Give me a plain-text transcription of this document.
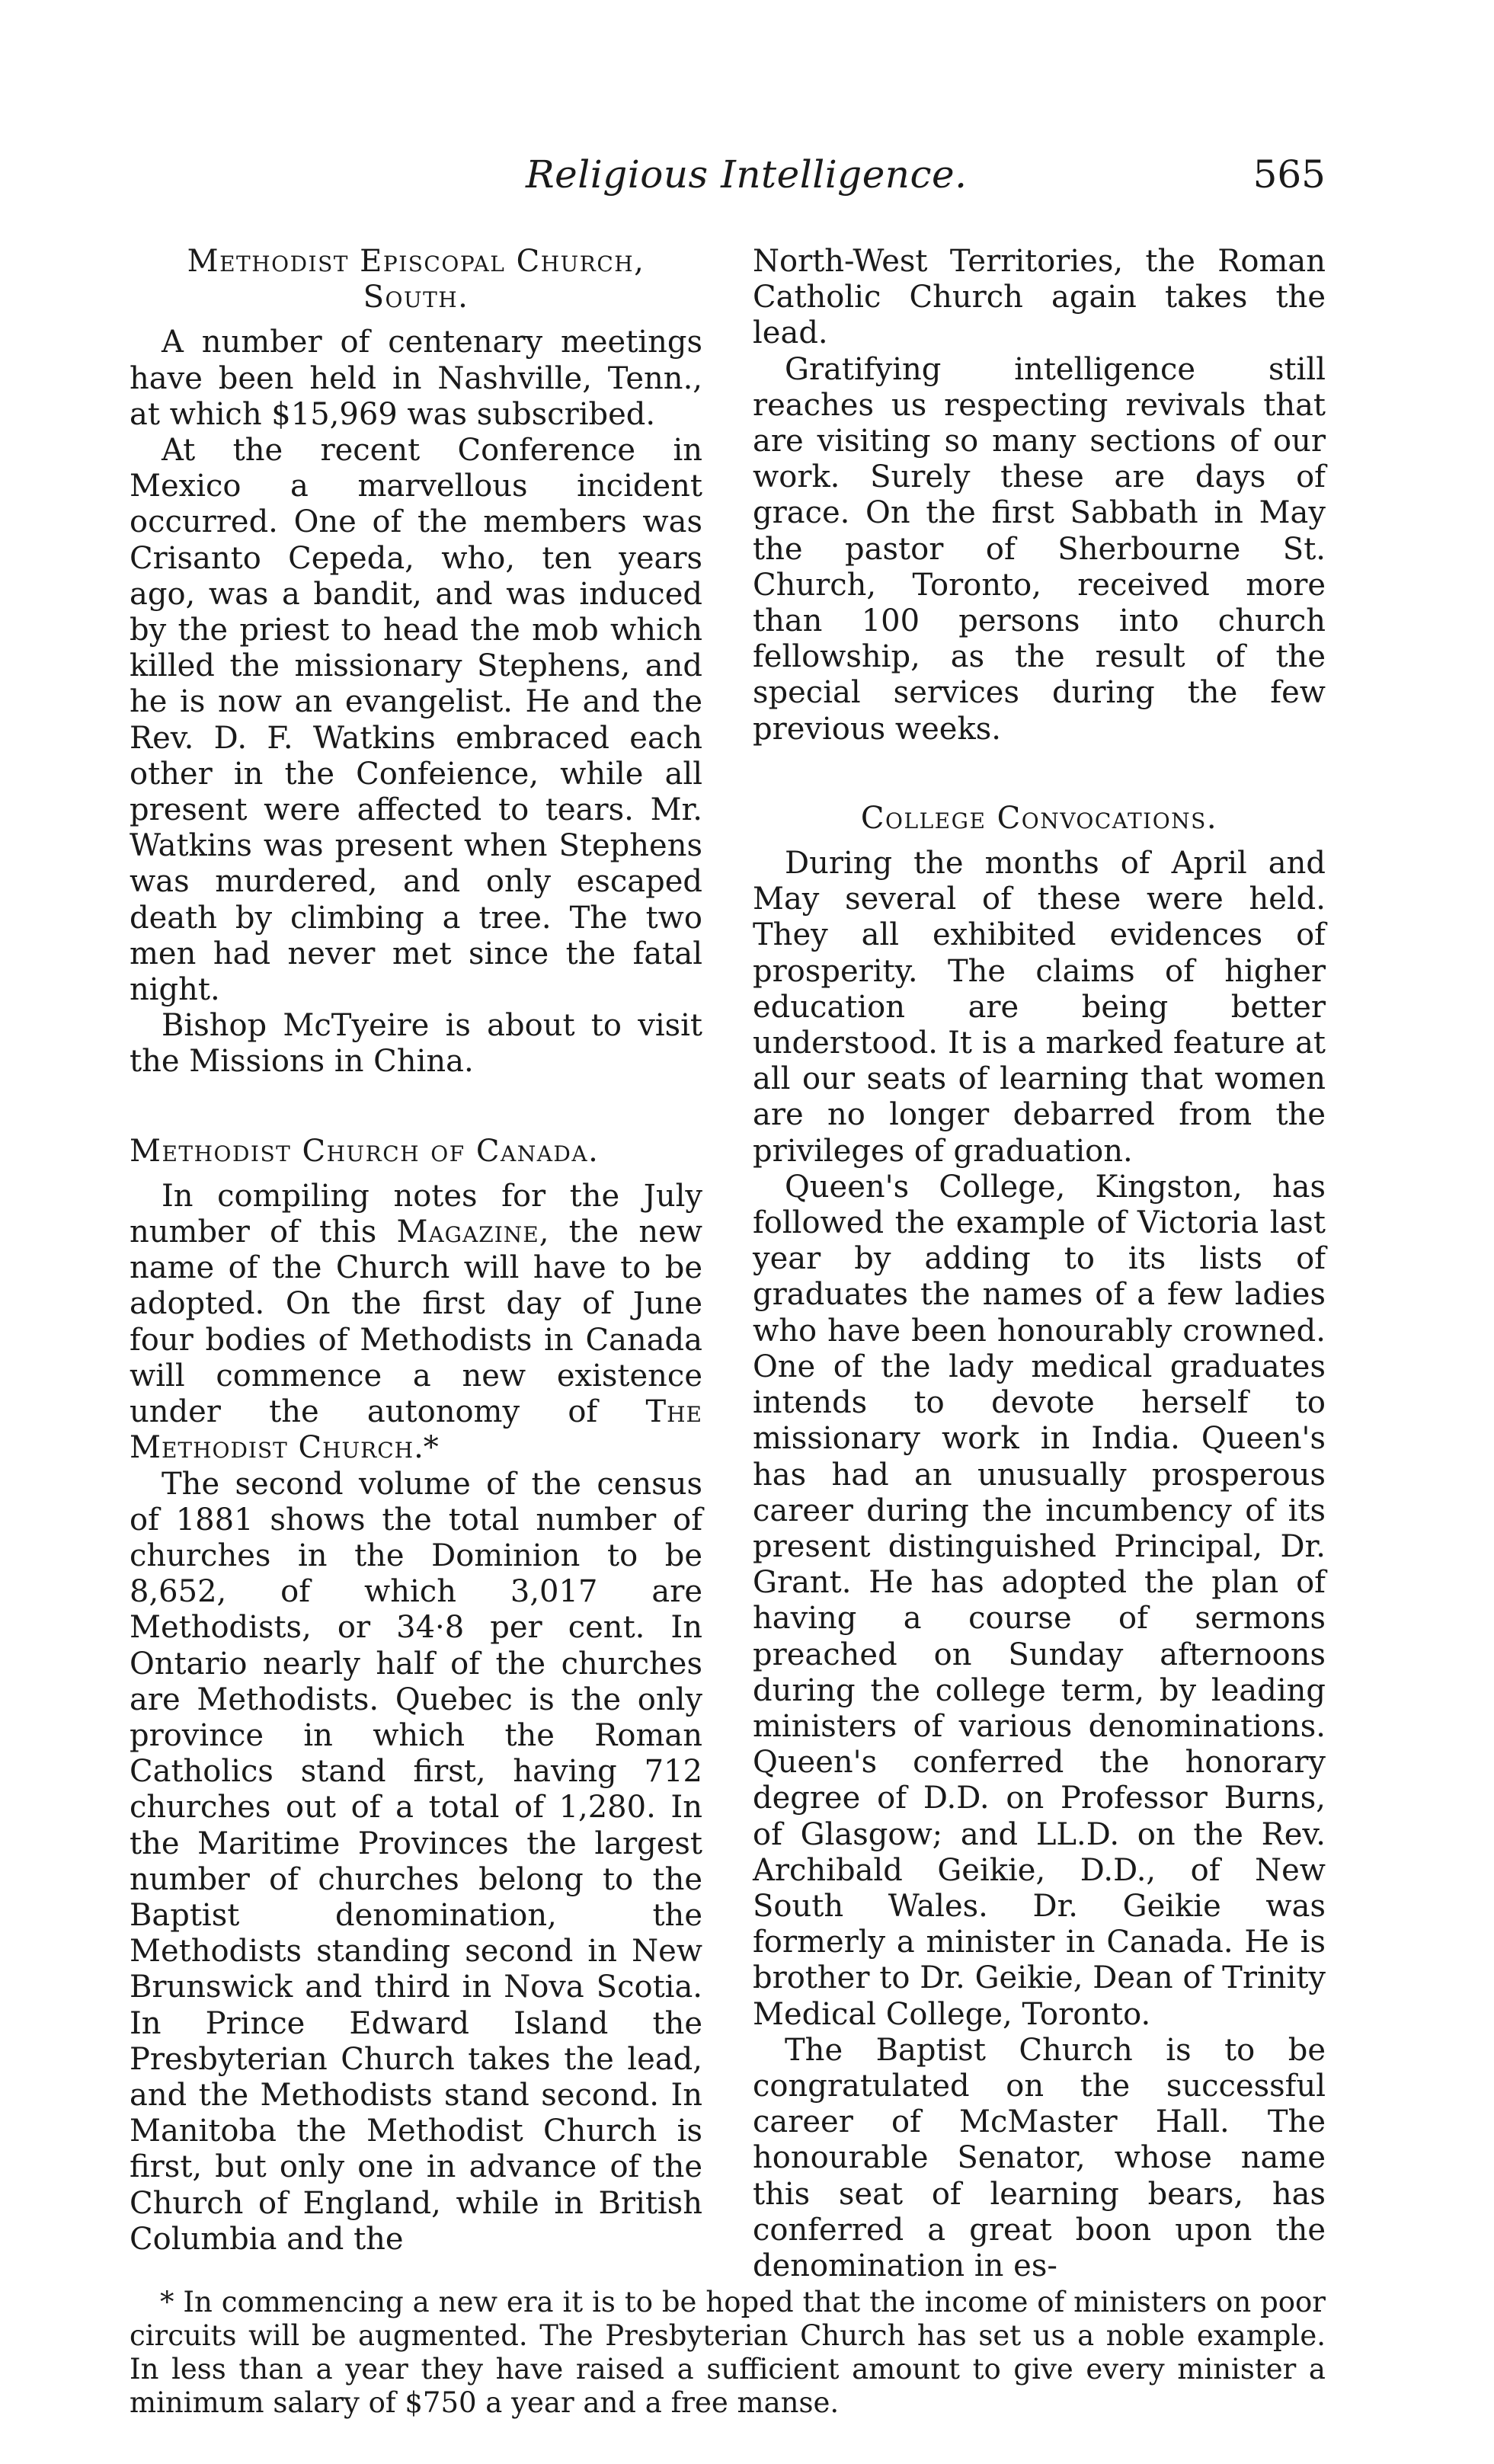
Religious Intelligence.	565
Methodist Episcopal Church, South.

A number of centenary meetings have been held in Nashville, Tenn., at which $15,969 was subscribed.

At the recent Conference in Mexico a marvellous incident occurred. One of the members was Crisanto Cepeda, who, ten years ago, was a bandit, and was induced by the priest to head the mob which killed the missionary Stephens, and he is now an evangelist. He and the Rev. D. F. Watkins embraced each other in the Confeience, while all present were affected to tears. Mr. Watkins was present when Stephens was murdered, and only escaped death by climbing a tree. The two men had never met since the fatal night.

Bishop McTyeire is about to visit the Missions in China.

Methodist Church of Canada.

In compiling notes for the July number of this Magazine, the new name of the Church will have to be adopted. On the first day of June four bodies of Methodists in Canada will commence a new existence under the autonomy of The Methodist Church.*

The second volume of the census of 1881 shows the total number of churches in the Dominion to be 8,652, of which 3,017 are Methodists, or 34·8 per cent. In Ontario nearly half of the churches are Methodists. Quebec is the only province in which the Roman Catholics stand first, having 712 churches out of a total of 1,280. In the Maritime Provinces the largest number of churches belong to the Baptist denomination, the Methodists standing second in New Brunswick and third in Nova Scotia. In Prince Edward Island the Presbyterian Church takes the lead, and the Methodists stand second. In Manitoba the Methodist Church is first, but only one in advance of the Church of England, while in British Columbia and the

North-West Territories, the Roman Catholic Church again takes the lead.

Gratifying intelligence still reaches us respecting revivals that are visiting so many sections of our work. Surely these are days of grace. On the first Sabbath in May the pastor of Sherbourne St. Church, Toronto, received more than 100 persons into church fellowship, as the result of the special services during the few previous weeks.

College Convocations.

During the months of April and May several of these were held. They all exhibited evidences of prosperity. The claims of higher education are being better understood. It is a marked feature at all our seats of learning that women are no longer debarred from the privileges of graduation.

Queen's College, Kingston, has followed the example of Victoria last year by adding to its lists of graduates the names of a few ladies who have been honourably crowned. One of the lady medical graduates intends to devote herself to missionary work in India. Queen's has had an unusually prosperous career during the incumbency of its present distinguished Principal, Dr. Grant. He has adopted the plan of having a course of sermons preached on Sunday afternoons during the college term, by leading ministers of various denominations. Queen's conferred the honorary degree of D.D. on Professor Burns, of Glasgow; and LL.D. on the Rev. Archibald Geikie, D.D., of New South Wales. Dr. Geikie was formerly a minister in Canada. He is brother to Dr. Geikie, Dean of Trinity Medical College, Toronto.

The Baptist Church is to be congratulated on the successful career of McMaster Hall. The honourable Senator, whose name this seat of learning bears, has conferred a great boon upon the denomination in es-

* In commencing a new era it is to be hoped that the income of ministers on poor circuits will be augmented. The Presbyterian Church has set us a noble example. In less than a year they have raised a sufficient amount to give every minister a minimum salary of $750 a year and a free manse.
